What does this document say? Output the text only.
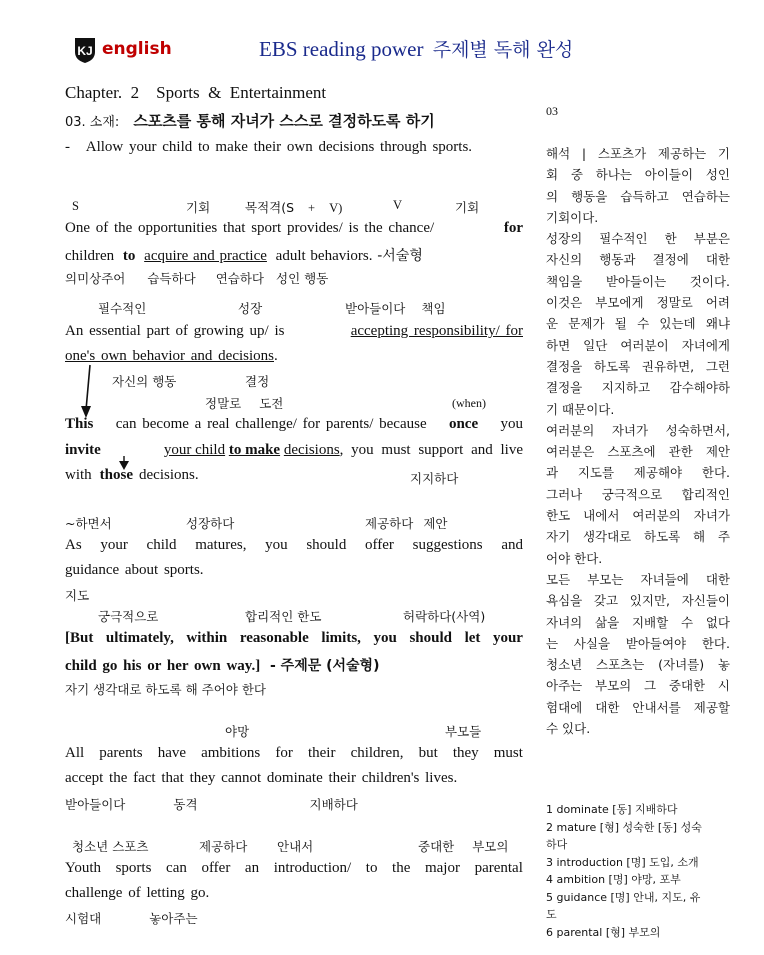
KJ english	EBS reading power 주제별 독해 완성
Chapter.  2    Sports  &  Entertainment
03. 소재: 스포츠를 통해 자녀가 스스로 결정하도록 하기
- Allow your child to make their own decisions through sports.
S	기회	목적격(S + V)	V	기회
One of the opportunities that sport provides/ is the chance/	for
children to acquire and practice adult behaviors. -서술형
의미상주어 습득하다 연습하다 성인 행동
필수적인	성장	받아들이다 책임
An essential part of growing up/ is	accepting responsibility/ for
one's own behavior and decisions.
자신의 행동	결정
정말로 도전	(when)
This can become a real challenge/ for parents/ because once you
invite	your child to make decisions, you must support and live
with those decisions.	지지하다
~하면서	성장하다	제공하다 제안
As your child matures, you should offer suggestions and
guidance about sports.
지도
궁극적으로	합리적인 한도	허락하다(사역)
[But ultimately, within reasonable limits, you should let your
child go his or her own way.] - 주제문 (서술형)
자기 생각대로 하도록 해 주어야 한다
야망	부모들
All parents have ambitions for their children, but they must
accept the fact that they cannot dominate their children's lives.
받아들이다	동격	지배하다
청소년 스포츠	제공하다 안내서	중대한 부모의
Youth sports can offer an introduction/ to the major parental
challenge of letting go.
시험대	놓아주는
03
해석 | 스포츠가 제공하는 기
회 중 하나는 아이들이 성인
의 행동을 습득하고 연습하는
기회이다.
성장의 필수적인 한 부분은
자신의 행동과 결정에 대한
책임을 받아들이는 것이다.
이것은 부모에게 정말로 어려
운 문제가 될 수 있는데 왜냐
하면 일단 여러분이 자녀에게
결정을 하도록 권유하면, 그런
결정을 지지하고 감수해야하
기 때문이다.
여러분의 자녀가 성숙하면서,
여러분은 스포츠에 관한 제안
과 지도를 제공해야 한다.
그러나 궁극적으로 합리적인
한도 내에서 여러분의 자녀가
자기 생각대로 하도록 해 주
어야 한다.
모든 부모는 자녀들에 대한
욕심을 갖고 있지만, 자신들이
자녀의 삶을 지배할 수 없다
는 사실을 받아들여야 한다.
청소년 스포츠는 (자녀를) 놓
아주는 부모의 그 중대한 시
험대에 대한 안내서를 제공할
수 있다.
1 dominate [동] 지배하다
2 mature [형] 성숙한 [동] 성숙
하다
3 introduction [명] 도입, 소개
4 ambition [명] 야망, 포부
5 guidance [명] 안내, 지도, 유
도
6 parental [형] 부모의
